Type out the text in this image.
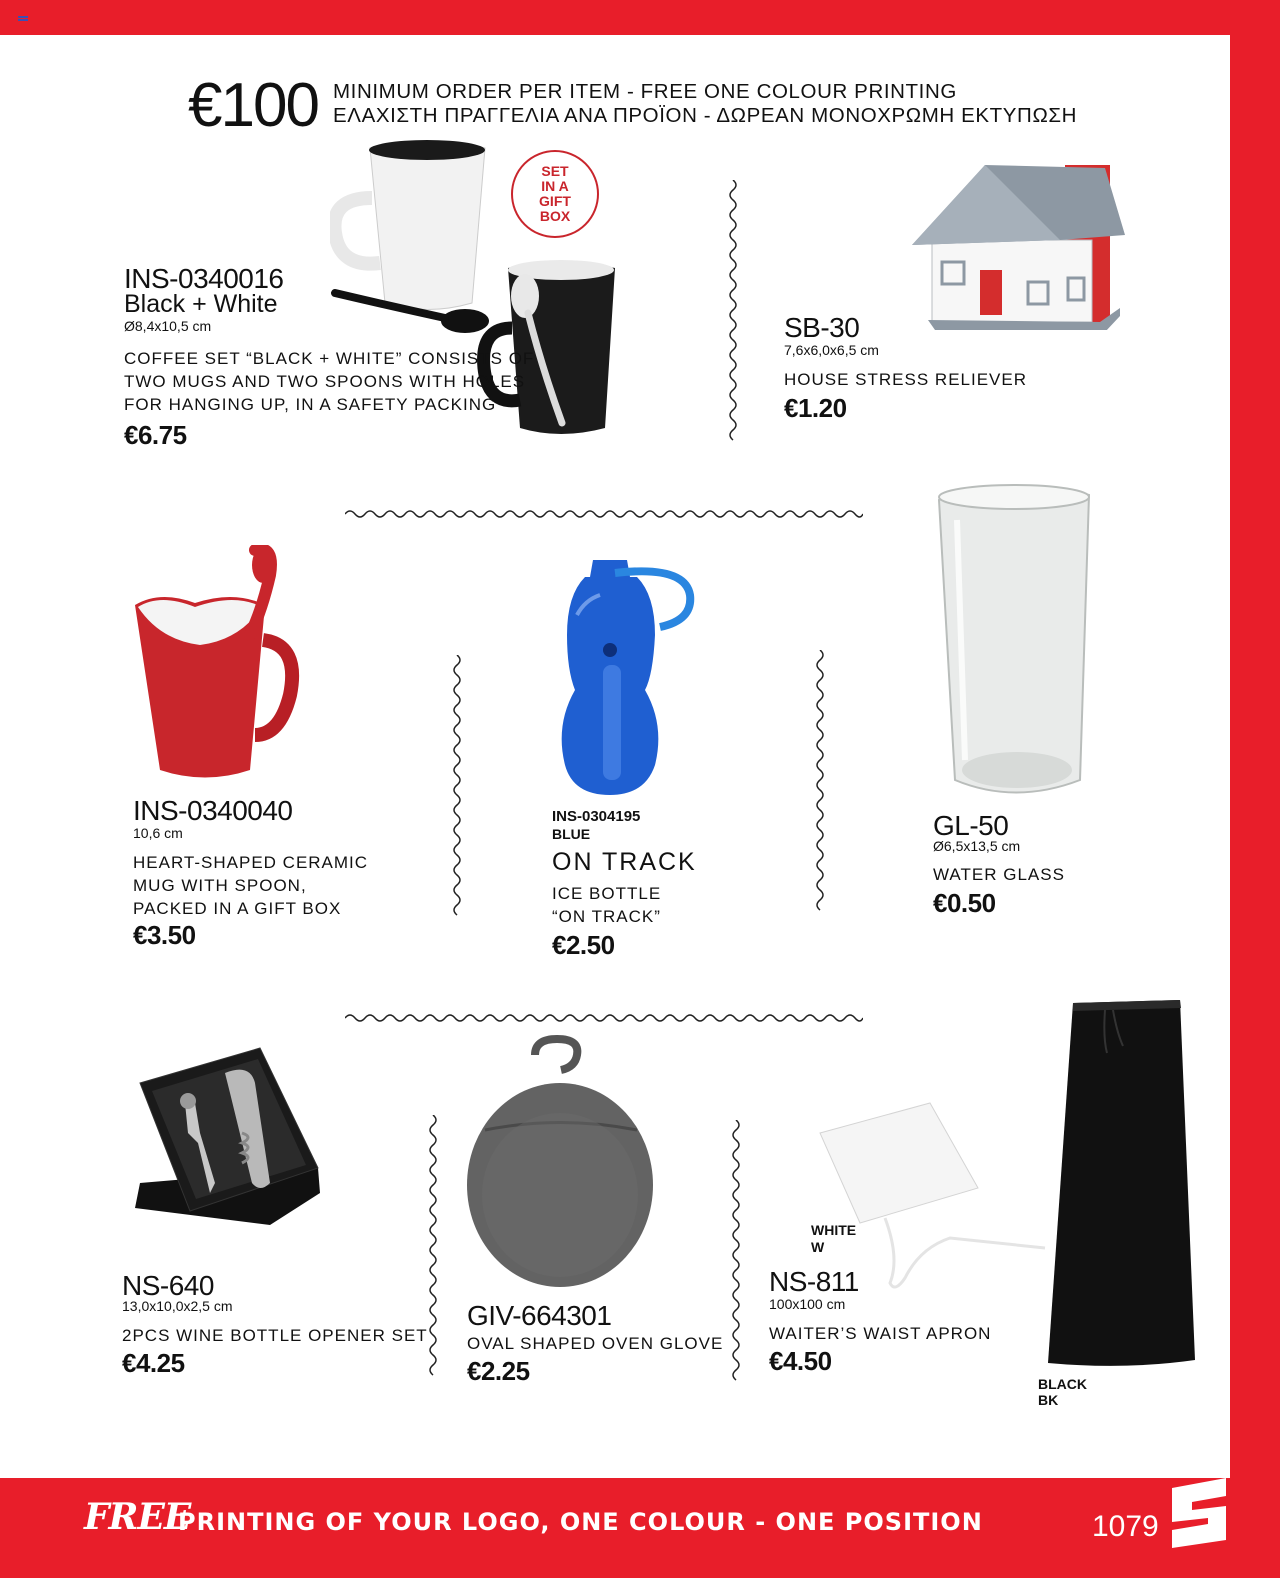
€100 MINIMUM ORDER PER ITEM - FREE ONE COLOUR PRINTING
ΕΛΑΧΙΣΤΗ ΠΡΑΓΓΕΛΙΑ ΑΝΑ ΠΡΟΪΟΝ - ΔΩΡΕΑΝ ΜΟΝΟΧΡΩΜΗ ΕΚΤΥΠΩΣΗ
SET
IN A
GIFT
BOX
INS-0340016
Black + White
Ø8,4x10,5 cm
COFFEE SET “BLACK + WHITE” CONSISTS OF
TWO MUGS AND TWO SPOONS WITH HOLES
FOR HANGING UP, IN A SAFETY PACKING
€6.75
SB-30
7,6x6,0x6,5 cm
HOUSE STRESS RELIEVER
€1.20
INS-0340040
10,6 cm
HEART-SHAPED CERAMIC
MUG WITH SPOON,
PACKED IN A GIFT BOX
€3.50
INS-0304195
BLUE
ON TRACK
ICE BOTTLE
“ON TRACK”
€2.50
GL-50
Ø6,5x13,5 cm
WATER GLASS
€0.50
NS-640
13,0x10,0x2,5 cm
2PCS WINE BOTTLE OPENER SET
€4.25
GIV-664301
OVAL SHAPED OVEN GLOVE
€2.25
WHITE
W
NS-811
100x100 cm
WAITER’S WAIST APRON
€4.50
BLACK
BK
FREE
PRINTING OF YOUR LOGO, ONE COLOUR - ONE POSITION	1079
